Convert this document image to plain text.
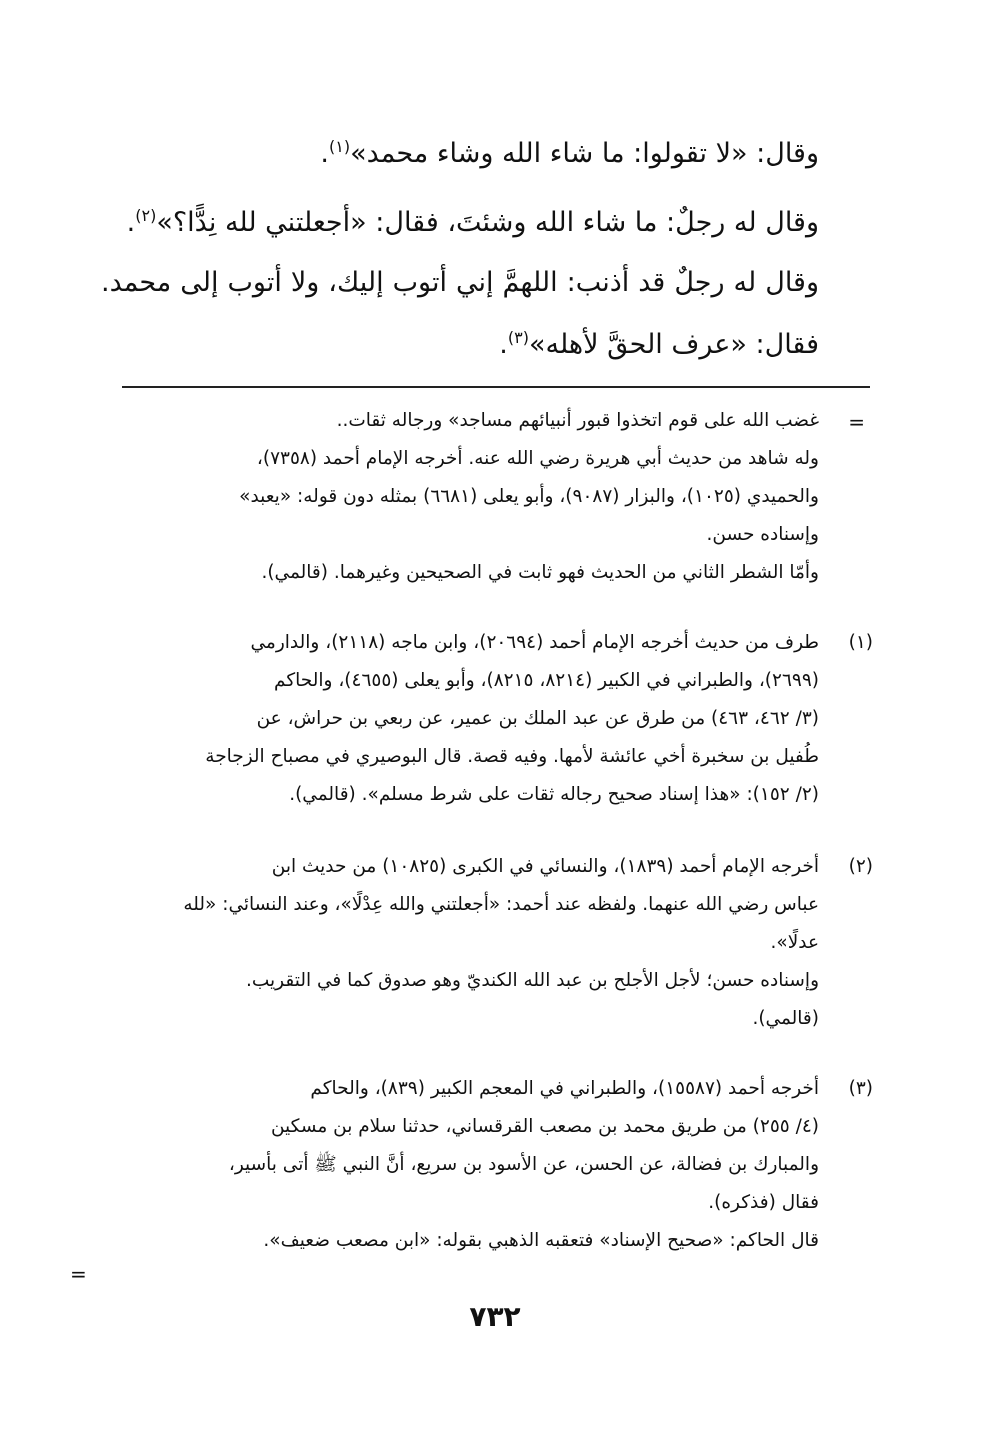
وقال: «لا تقولوا: ما شاء الله وشاء محمد»$^{(١)}$.
وقال له رجلٌ: ما شاء الله وشئتَ، فقال: «أجعلتني لله نِدًّا؟»$^{(٢)}$.
وقال له رجلٌ قد أذنب: اللهمَّ إني أتوب إليك، ولا أتوب إلى محمد.
فقال: «عرف الحقَّ لأهله»$^{(٣)}$.
=
غضب الله على قوم اتخذوا قبور أنبيائهم مساجد» ورجاله ثقات..
وله شاهد من حديث أبي هريرة رضي الله عنه. أخرجه الإمام أحمد (٧٣٥٨)،
والحميدي (١٠٢٥)، والبزار (٩٠٨٧)، وأبو يعلى (٦٦٨١) بمثله دون قوله: «يعبد»
وإسناده حسن.
وأمّا الشطر الثاني من الحديث فهو ثابت في الصحيحين وغيرهما. (قالمي).
(١)
طرف من حديث أخرجه الإمام أحمد (٢٠٦٩٤)، وابن ماجه (٢١١٨)، والدارمي
(٢٦٩٩)، والطبراني في الكبير (٨٢١٤، ٨٢١٥)، وأبو يعلى (٤٦٥٥)، والحاكم
(٣/ ٤٦٢، ٤٦٣) من طرق عن عبد الملك بن عمير، عن ربعي بن حراش، عن
طُفيل بن سخبرة أخي عائشة لأمها. وفيه قصة. قال البوصيري في مصباح الزجاجة
(٢/ ١٥٢): «هذا إسناد صحيح رجاله ثقات على شرط مسلم». (قالمي).
(٢)
أخرجه الإمام أحمد (١٨٣٩)، والنسائي في الكبرى (١٠٨٢٥) من حديث ابن
عباس رضي الله عنهما. ولفظه عند أحمد: «أجعلتني والله عِدْلًا»، وعند النسائي: «لله
عدلًا».
وإسناده حسن؛ لأجل الأجلح بن عبد الله الكنديّ وهو صدوق كما في التقريب.
(قالمي).
(٣)
أخرجه أحمد (١٥٥٨٧)، والطبراني في المعجم الكبير (٨٣٩)، والحاكم
(٤/ ٢٥٥) من طريق محمد بن مصعب القرقساني، حدثنا سلام بن مسكين
والمبارك بن فضالة، عن الحسن، عن الأسود بن سريع، أنَّ النبي ﷺ أتى بأسير،
فقال (فذكره).
قال الحاكم: «صحيح الإسناد» فتعقبه الذهبي بقوله: «ابن مصعب ضعيف».
=
٧٣٢
